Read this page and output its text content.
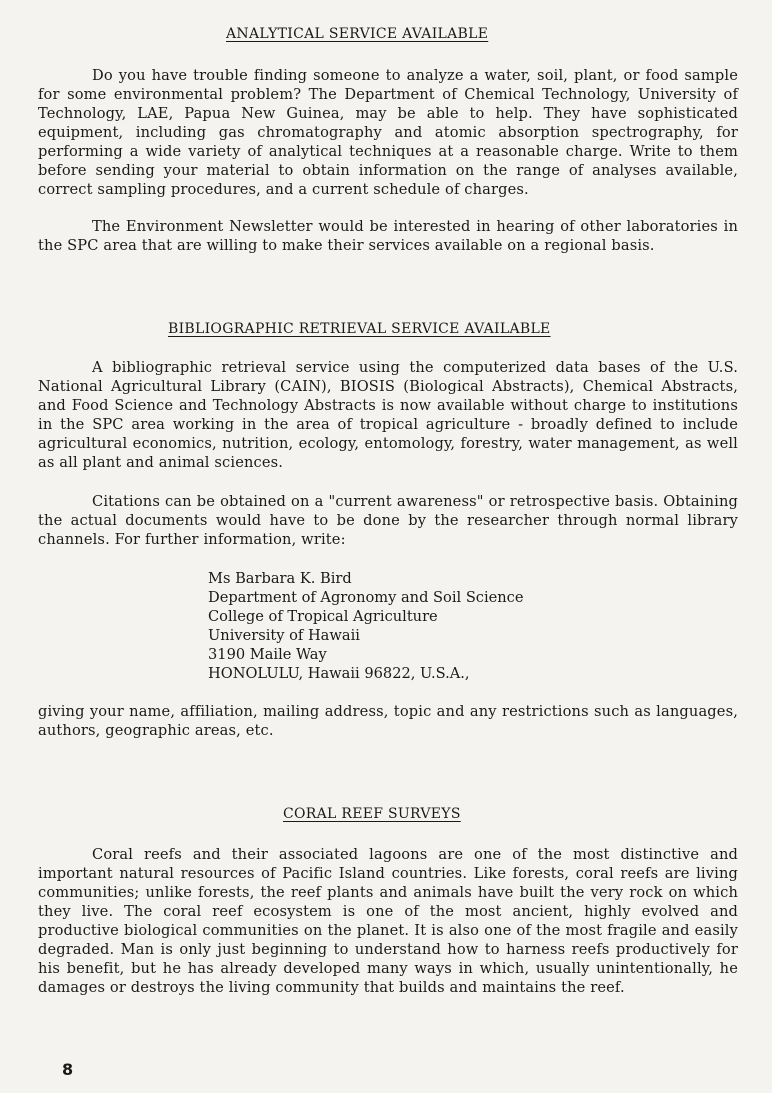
ANALYTICAL SERVICE AVAILABLE

Do you have trouble finding someone to analyze a water, soil, plant, or food sample for some environmental problem? The Department of Chemical Technology, University of Technology, LAE, Papua New Guinea, may be able to help. They have sophisticated equipment, including gas chromatography and atomic absorption spectrography, for performing a wide variety of analytical techniques at a reasonable charge. Write to them before sending your material to obtain information on the range of analyses available, correct sampling procedures, and a current schedule of charges.

The Environment Newsletter would be interested in hearing of other laboratories in the SPC area that are willing to make their services available on a regional basis.

BIBLIOGRAPHIC RETRIEVAL SERVICE AVAILABLE

A bibliographic retrieval service using the computerized data bases of the U.S. National Agricultural Library (CAIN), BIOSIS (Biological Abstracts), Chemical Abstracts, and Food Science and Technology Abstracts is now available without charge to institutions in the SPC area working in the area of tropical agriculture - broadly defined to include agricultural economics, nutrition, ecology, entomology, forestry, water management, as well as all plant and animal sciences.

Citations can be obtained on a "current awareness" or retrospective basis. Obtaining the actual documents would have to be done by the researcher through normal library channels. For further information, write:

Ms Barbara K. Bird
Department of Agronomy and Soil Science
College of Tropical Agriculture
University of Hawaii
3190 Maile Way
HONOLULU, Hawaii 96822, U.S.A.,

giving your name, affiliation, mailing address, topic and any restrictions such as languages, authors, geographic areas, etc.

CORAL REEF SURVEYS

Coral reefs and their associated lagoons are one of the most distinctive and important natural resources of Pacific Island countries. Like forests, coral reefs are living communities; unlike forests, the reef plants and animals have built the very rock on which they live. The coral reef ecosystem is one of the most ancient, highly evolved and productive biological communities on the planet. It is also one of the most fragile and easily degraded. Man is only just beginning to understand how to harness reefs productively for his benefit, but he has already developed many ways in which, usually unintentionally, he damages or destroys the living community that builds and maintains the reef.

8
